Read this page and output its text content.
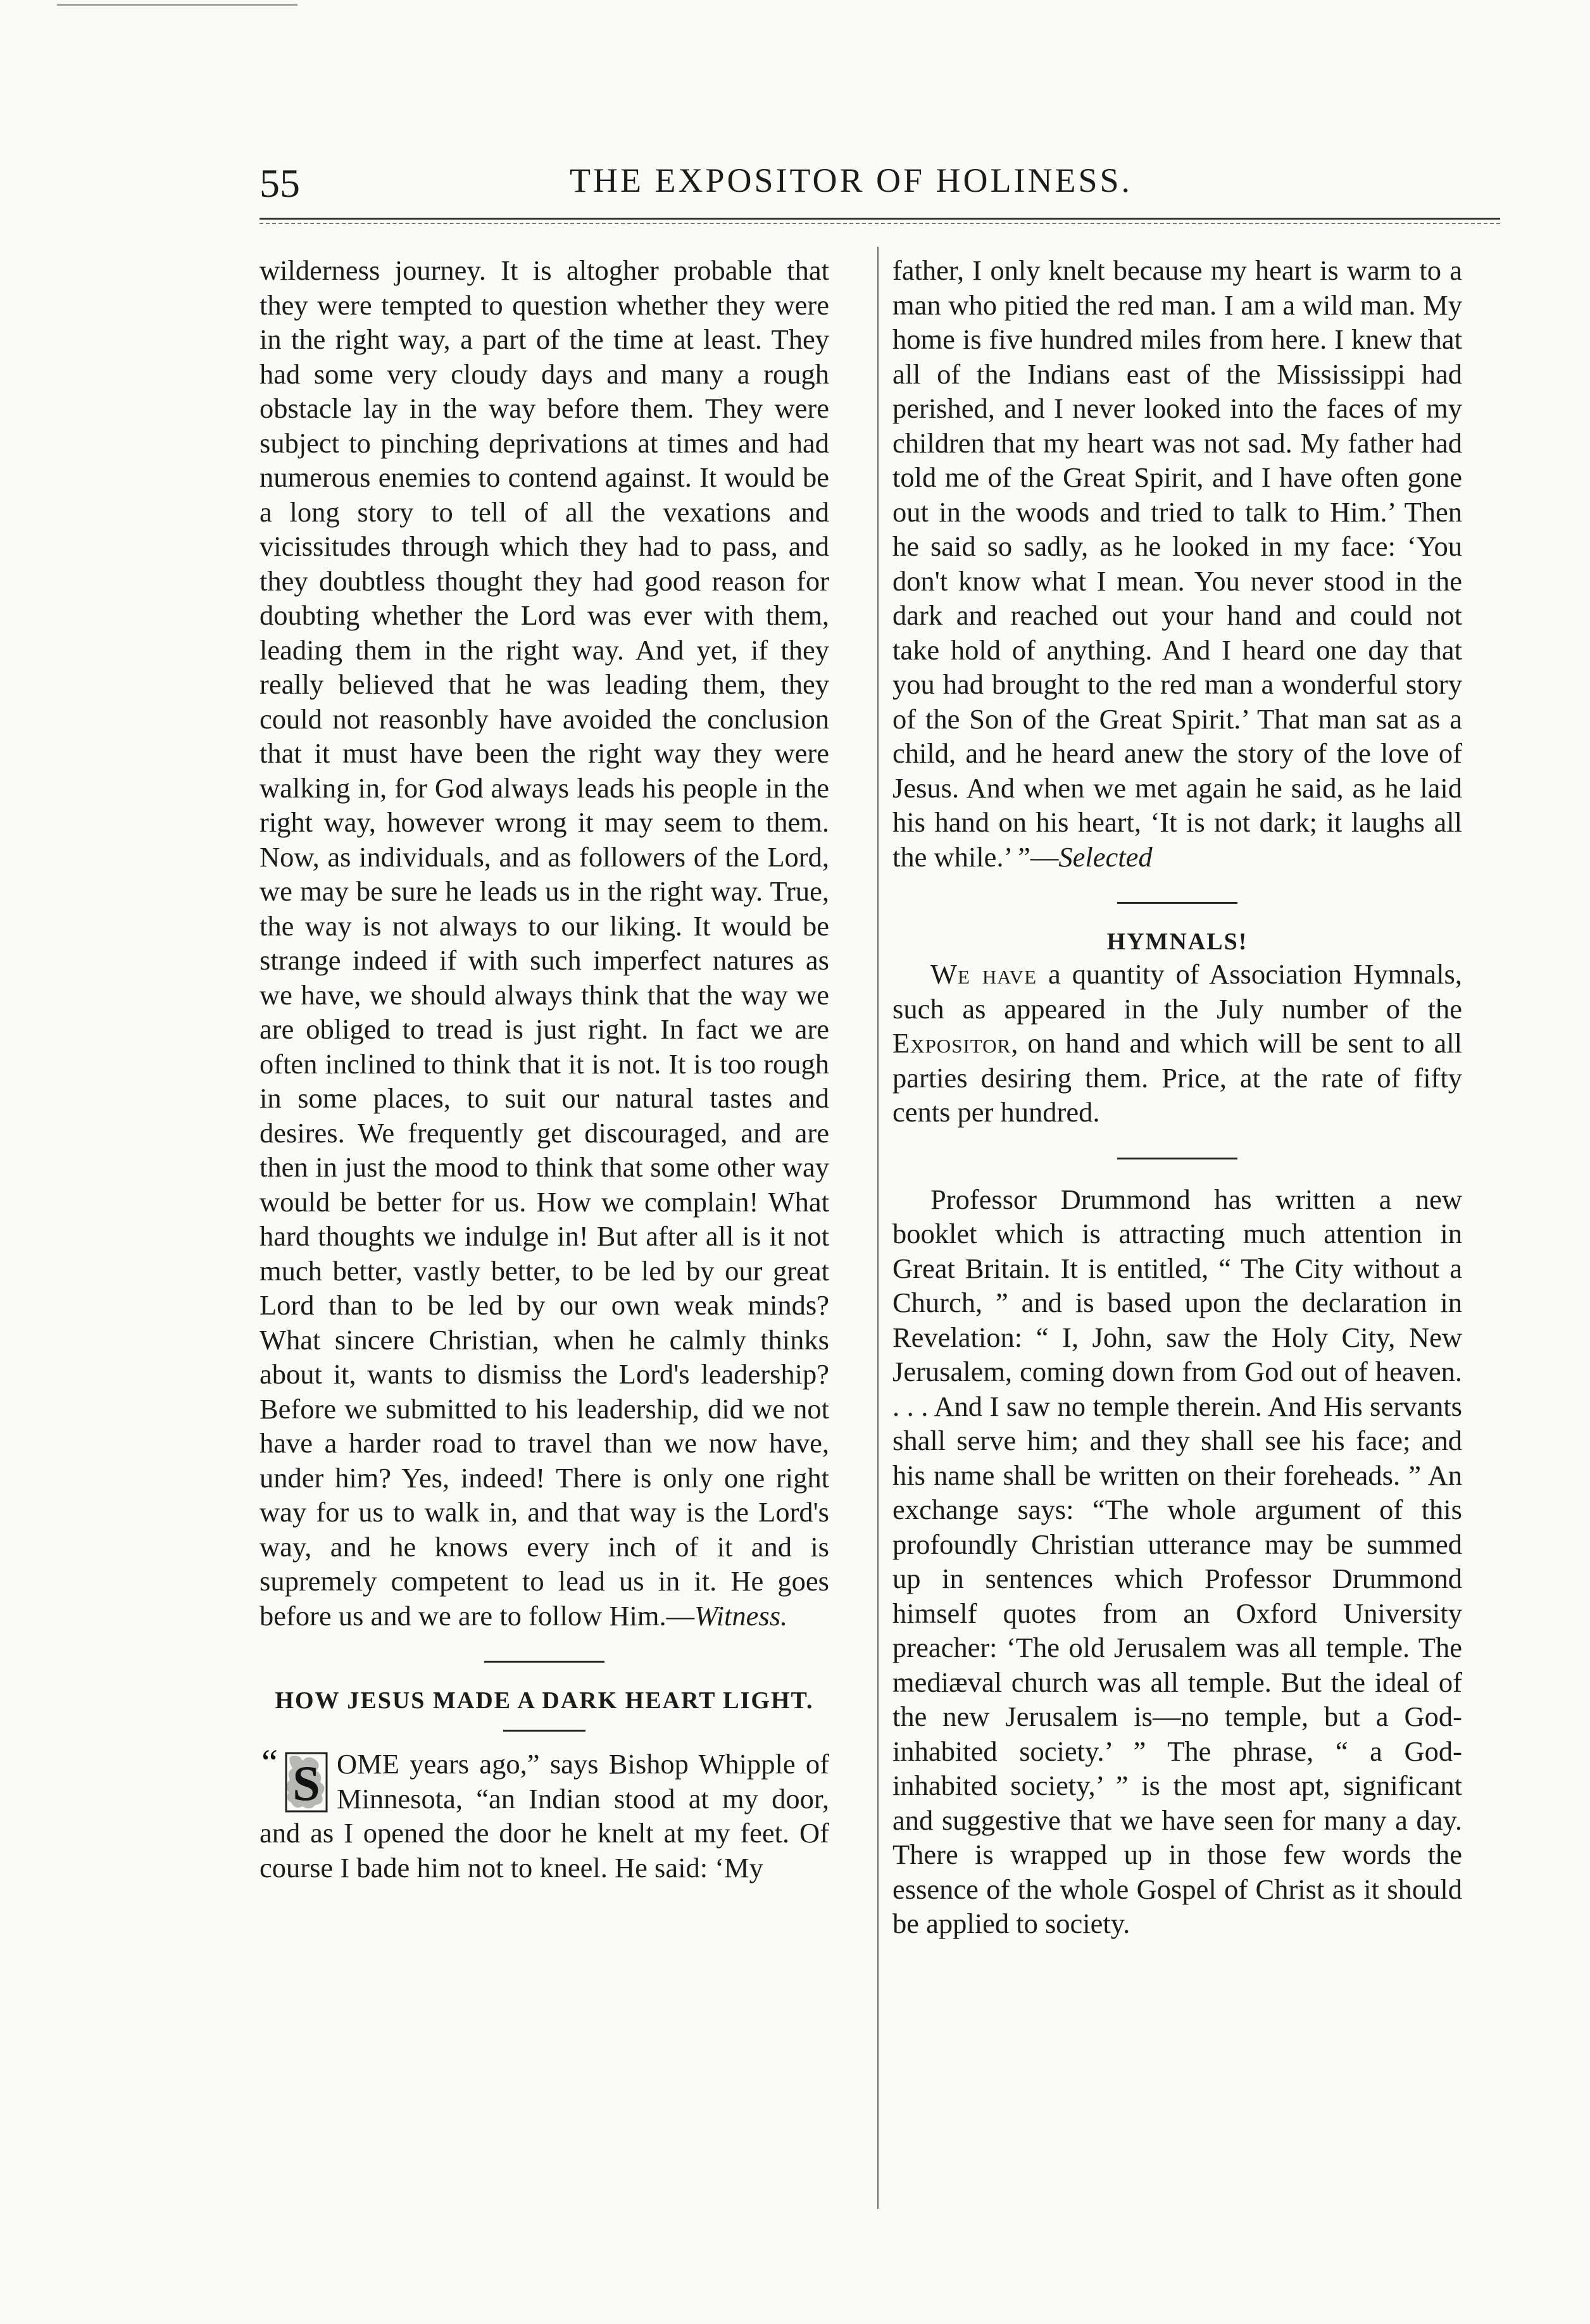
55	THE EXPOSITOR OF HOLINESS.

wilderness journey. It is altogher probable that they were tempted to question whether they were in the right way, a part of the time at least. They had some very cloudy days and many a rough obstacle lay in the way before them. They were subject to pinching deprivations at times and had numerous enemies to contend against. It would be a long story to tell of all the vexations and vicissitudes through which they had to pass, and they doubtless thought they had good reason for doubting whether the Lord was ever with them, leading them in the right way. And yet, if they really believed that he was leading them, they could not reasonbly have avoided the conclusion that it must have been the right way they were walking in, for God always leads his people in the right way, however wrong it may seem to them. Now, as individuals, and as followers of the Lord, we may be sure he leads us in the right way. True, the way is not always to our liking. It would be strange indeed if with such imperfect natures as we have, we should always think that the way we are obliged to tread is just right. In fact we are often inclined to think that it is not. It is too rough in some places, to suit our natural tastes and desires. We frequently get discouraged, and are then in just the mood to think that some other way would be better for us. How we complain! What hard thoughts we indulge in! But after all is it not much better, vastly better, to be led by our great Lord than to be led by our own weak minds? What sincere Christian, when he calmly thinks about it, wants to dismiss the Lord's leadership? Before we submitted to his leadership, did we not have a harder road to travel than we now have, under him? Yes, indeed! There is only one right way for us to walk in, and that way is the Lord's way, and he knows every inch of it and is supremely competent to lead us in it. He goes before us and we are to follow Him.—Witness.

HOW JESUS MADE A DARK HEART LIGHT.

S
“ OME years ago,” says Bishop Whipple of Minnesota, “an Indian stood at my door, and as I opened the door he knelt at my feet. Of course I bade him not to kneel. He said: ‘My

father, I only knelt because my heart is warm to a man who pitied the red man. I am a wild man. My home is five hundred miles from here. I knew that all of the Indians east of the Mississippi had perished, and I never looked into the faces of my children that my heart was not sad. My father had told me of the Great Spirit, and I have often gone out in the woods and tried to talk to Him.’ Then he said so sadly, as he looked in my face: ‘You don't know what I mean. You never stood in the dark and reached out your hand and could not take hold of anything. And I heard one day that you had brought to the red man a wonderful story of the Son of the Great Spirit.’ That man sat as a child, and he heard anew the story of the love of Jesus. And when we met again he said, as he laid his hand on his heart, ‘It is not dark; it laughs all the while.’ ”—Selected

HYMNALS!

We have a quantity of Association Hymnals, such as appeared in the July number of the Expositor, on hand and which will be sent to all parties desiring them. Price, at the rate of fifty cents per hundred.

Professor Drummond has written a new booklet which is attracting much attention in Great Britain. It is entitled, “ The City without a Church, ” and is based upon the declaration in Revelation: “ I, John, saw the Holy City, New Jerusalem, coming down from God out of heaven. . . . And I saw no temple therein. And His servants shall serve him; and they shall see his face; and his name shall be written on their foreheads. ” An exchange says: “The whole argument of this profoundly Christian utterance may be summed up in sentences which Professor Drummond himself quotes from an Oxford University preacher: ‘The old Jerusalem was all temple. The mediæval church was all temple. But the ideal of the new Jerusalem is—no temple, but a God-inhabited society.’ ” The phrase, “ a God-inhabited society,’ ” is the most apt, significant and suggestive that we have seen for many a day. There is wrapped up in those few words the essence of the whole Gospel of Christ as it should be applied to society.
